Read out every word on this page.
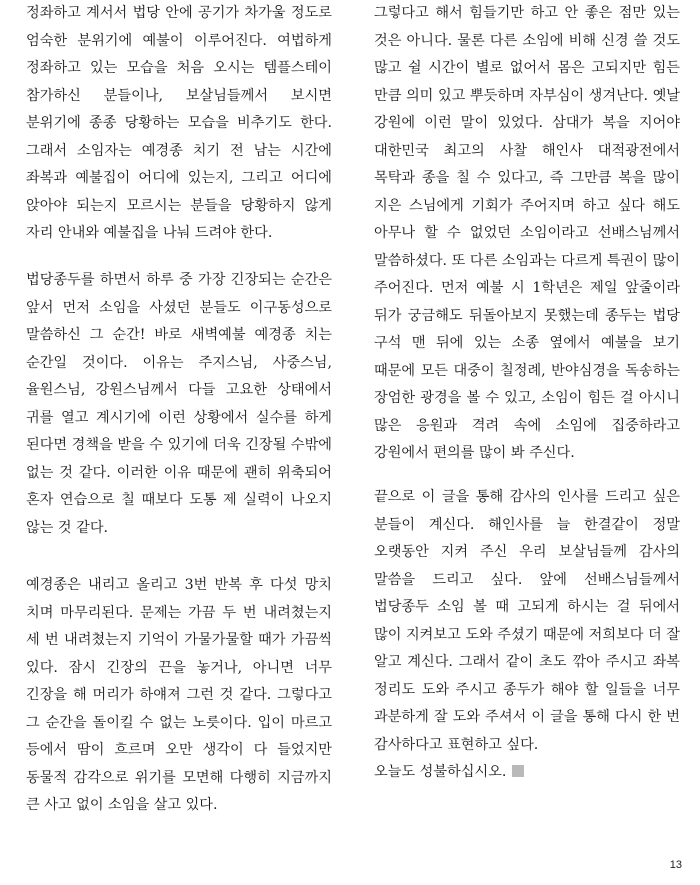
정좌하고 계서서 법당 안에 공기가 차가울 정도로 엄숙한 분위기에 예불이 이루어진다. 여법하게 정좌하고 있는 모습을 처음 오시는 템플스테이 참가하신 분들이나, 보살님들께서 보시면 분위기에 종종 당황하는 모습을 비추기도 한다. 그래서 소임자는 예경종 치기 전 남는 시간에 좌복과 예불집이 어디에 있는지, 그리고 어디에 앉아야 되는지 모르시는 분들을 당황하지 않게 자리 안내와 예불집을 나눠 드려야 한다.

법당종두를 하면서 하루 중 가장 긴장되는 순간은 앞서 먼저 소임을 사셨던 분들도 이구동성으로 말씀하신 그 순간! 바로 새벽예불 예경종 치는 순간일 것이다. 이유는 주지스님, 사중스님, 율원스님, 강원스님께서 다들 고요한 상태에서 귀를 열고 계시기에 이런 상황에서 실수를 하게 된다면 경책을 받을 수 있기에 더욱 긴장될 수밖에 없는 것 같다. 이러한 이유 때문에 괜히 위축되어 혼자 연습으로 칠 때보다 도통 제 실력이 나오지 않는 것 같다.

예경종은 내리고 올리고 3번 반복 후 다섯 망치 치며 마무리된다. 문제는 가끔 두 번 내려쳤는지 세 번 내려쳤는지 기억이 가물가물할 때가 가끔씩 있다. 잠시 긴장의 끈을 놓거나, 아니면 너무 긴장을 해 머리가 하얘져 그런 것 같다. 그렇다고 그 순간을 돌이킬 수 없는 노릇이다. 입이 마르고 등에서 땀이 흐르며 오만 생각이 다 들었지만 동물적 감각으로 위기를 모면해 다행히 지금까지 큰 사고 없이 소임을 살고 있다.

그렇다고 해서 힘들기만 하고 안 좋은 점만 있는 것은 아니다. 물론 다른 소임에 비해 신경 쓸 것도 많고 쉴 시간이 별로 없어서 몸은 고되지만 힘든 만큼 의미 있고 뿌듯하며 자부심이 생겨난다. 옛날 강원에 이런 말이 있었다. 삼대가 복을 지어야 대한민국 최고의 사찰 해인사 대적광전에서 목탁과 종을 칠 수 있다고, 즉 그만큼 복을 많이 지은 스님에게 기회가 주어지며 하고 싶다 해도 아무나 할 수 없었던 소임이라고 선배스님께서 말씀하셨다. 또 다른 소임과는 다르게 특권이 많이 주어진다. 먼저 예불 시 1학년은 제일 앞줄이라 뒤가 궁금해도 뒤돌아보지 못했는데 종두는 법당 구석 맨 뒤에 있는 소종 옆에서 예불을 보기 때문에 모든 대중이 칠정례, 반야심경을 독송하는 장엄한 광경을 볼 수 있고, 소임이 힘든 걸 아시니 많은 응원과 격려 속에 소임에 집중하라고 강원에서 편의를 많이 봐 주신다.

끝으로 이 글을 통해 감사의 인사를 드리고 싶은 분들이 계신다. 해인사를 늘 한결같이 정말 오랫동안 지켜 주신 우리 보살님들께 감사의 말씀을 드리고 싶다. 앞에 선배스님들께서 법당종두 소임 볼 때 고되게 하시는 걸 뒤에서 많이 지켜보고 도와 주셨기 때문에 저희보다 더 잘 알고 계신다. 그래서 같이 초도 깎아 주시고 좌복 정리도 도와 주시고 종두가 해야 할 일들을 너무 과분하게 잘 도와 주셔서 이 글을 통해 다시 한 번 감사하다고 표현하고 싶다.

오늘도 성불하십시오.

13
